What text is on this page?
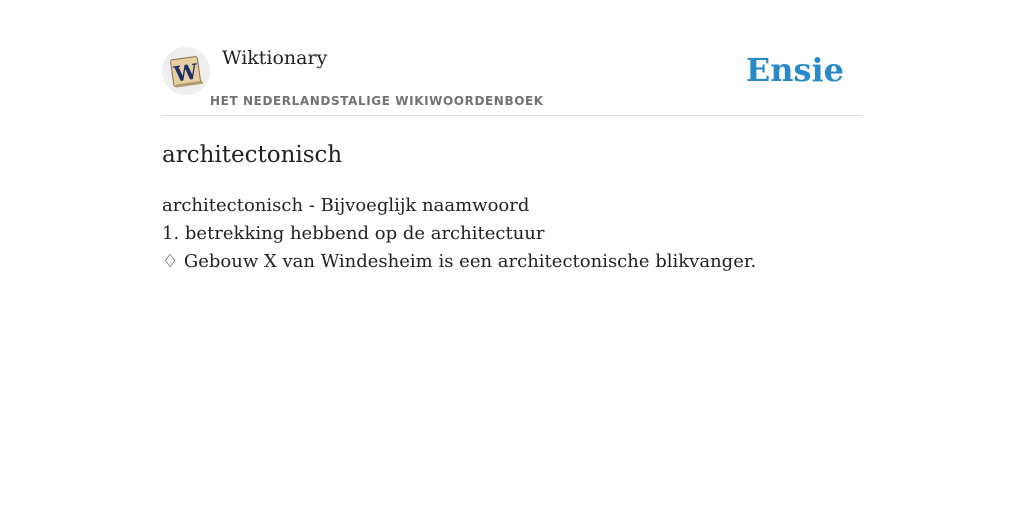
W
Wiktionary
HET NEDERLANDSTALIGE WIKIWOORDENBOEK
Ensie
architectonisch
architectonisch - Bijvoeglijk naamwoord
1. betrekking hebbend op de architectuur
♢ Gebouw X van Windesheim is een architectonische blikvanger.
